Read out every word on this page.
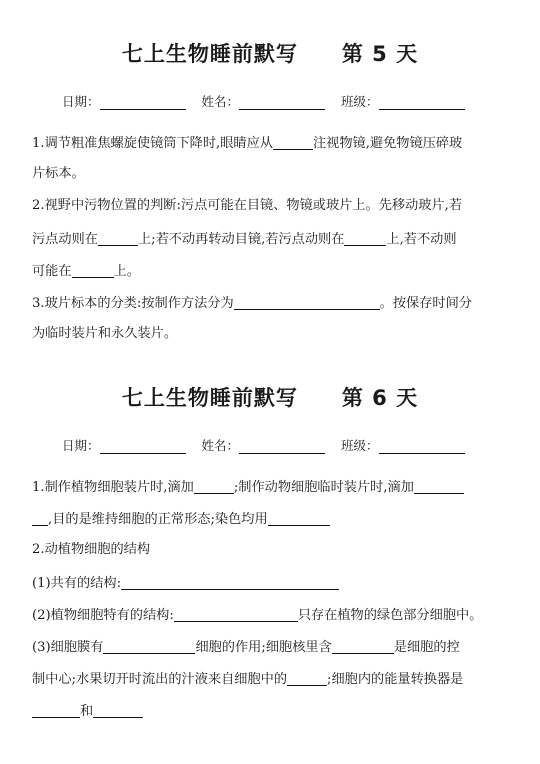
七上生物睡前默写　　第 5 天
日期：	姓名：	班级：
1.调节粗准焦螺旋使镜筒下降时,眼睛应从	注视物镜,避免物镜压碎玻
片标本。
2.视野中污物位置的判断:污点可能在目镜、物镜或玻片上。先移动玻片,若
污点动则在	上;若不动再转动目镜,若污点动则在	上,若不动则
可能在	上。
3.玻片标本的分类:按制作方法分为	。按保存时间分
为临时装片和永久装片。
七上生物睡前默写　　第 6 天
日期：	姓名：	班级：
1.制作植物细胞装片时,滴加	;制作动物细胞临时装片时,滴加
,目的是维持细胞的正常形态;染色均用
2.动植物细胞的结构
(1)共有的结构:
(2)植物细胞特有的结构:	只存在植物的绿色部分细胞中。
(3)细胞膜有	细胞的作用;细胞核里含	是细胞的控
制中心;水果切开时流出的汁液来自细胞中的	;细胞内的能量转换器是
和
